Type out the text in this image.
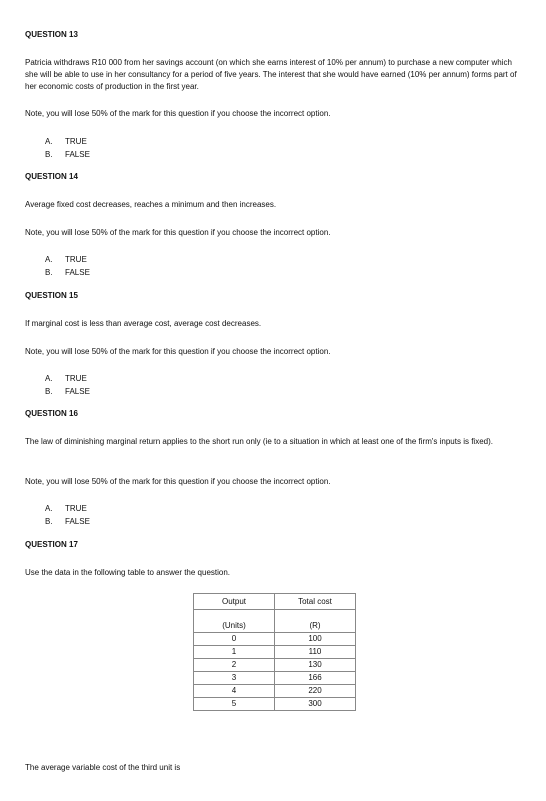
QUESTION 13

Patricia withdraws R10 000 from her savings account (on which she earns interest of 10% per annum) to purchase a new computer which she will be able to use in her consultancy for a period of five years. The interest that she would have earned (10% per annum) forms part of her economic costs of production in the first year.

Note, you will lose 50% of the mark for this question if you choose the incorrect option.

A. TRUE
B. FALSE
QUESTION 14

Average fixed cost decreases, reaches a minimum and then increases.

Note, you will lose 50% of the mark for this question if you choose the incorrect option.

A. TRUE
B. FALSE
QUESTION 15

If marginal cost is less than average cost, average cost decreases.

Note, you will lose 50% of the mark for this question if you choose the incorrect option.

A. TRUE
B. FALSE
QUESTION 16

The law of diminishing marginal return applies to the short run only (ie to a situation in which at least one of the firm's inputs is fixed).

Note, you will lose 50% of the mark for this question if you choose the incorrect option.

A. TRUE
B. FALSE
QUESTION 17

Use the data in the following table to answer the question.

Output	Total cost

(Units)	(R)
0	100
1	110
2	130
3	166
4	220
5	300

The average variable cost of the third unit is
